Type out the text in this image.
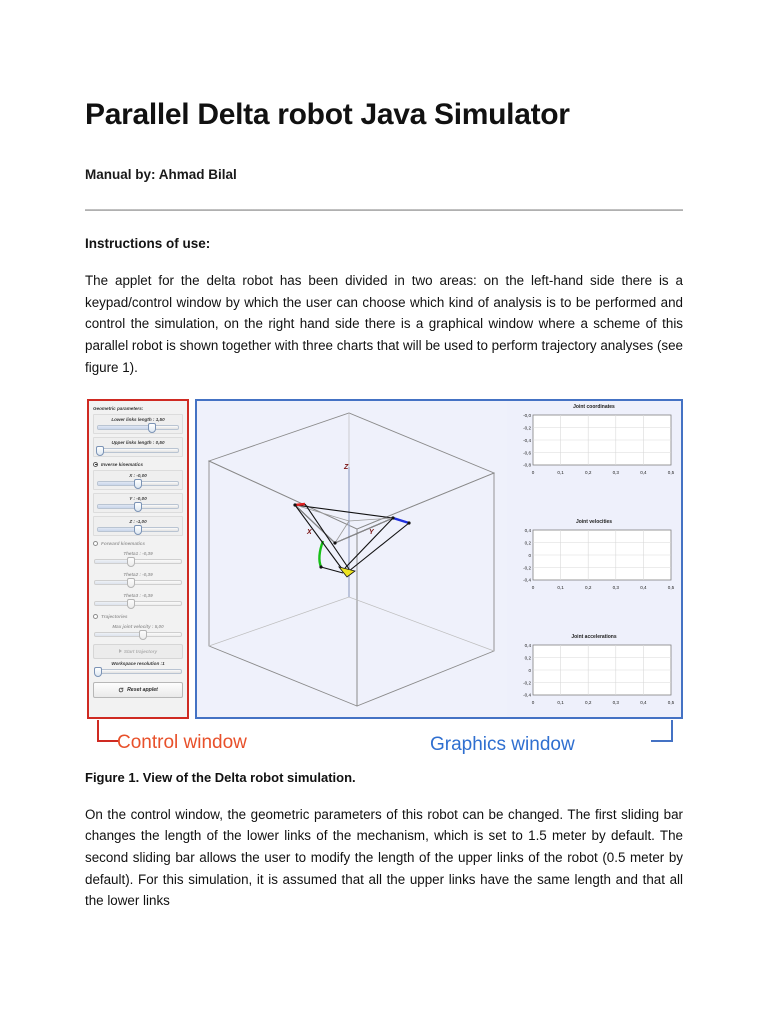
Parallel Delta robot Java Simulator
Manual by: Ahmad Bilal
Instructions of use:
The applet for the delta robot has been divided in two areas: on the left-hand side there is a keypad/control window by which the user can choose which kind of analysis is to be performed and control the simulation, on the right hand side there is a graphical window where a scheme of this parallel robot is shown together with three charts that will be used to perform trajectory analyses (see figure 1).
Geometric parameters:
Lower links length : 1,50
Upper links length : 0,50
Inverse kinematics
X : -0,00
Y : -0,00
Z : -1,00
Forward kinematics
Theta1 : -0,39
Theta2 : -0,39
Theta3 : -0,39
Trajectories
Max joint velocity : 5,00
Start trajectory
Workspace resolution :1
Reset applet
Z
X	Y
Joint coordinates
-0,0
-0,2
-0,4
-0,6
-0,8
0	0,1	0,2	0,3	0,4	0,5
Joint velocities
0,4
0,2
0
-0,2
-0,4
0	0,1	0,2	0,3	0,4	0,5
Joint accelerations
0,4
0,2
0
-0,2
-0,4
0	0,1	0,2	0,3	0,4	0,5
Control window	Graphics window
Figure 1. View of the Delta robot simulation.
On the control window, the geometric parameters of this robot can be changed. The first sliding bar changes the length of the lower links of the mechanism, which is set to 1.5 meter by default. The second sliding bar allows the user to modify the length of the upper links of the robot (0.5 meter by default). For this simulation, it is assumed that all the upper links have the same length and that all the lower links
